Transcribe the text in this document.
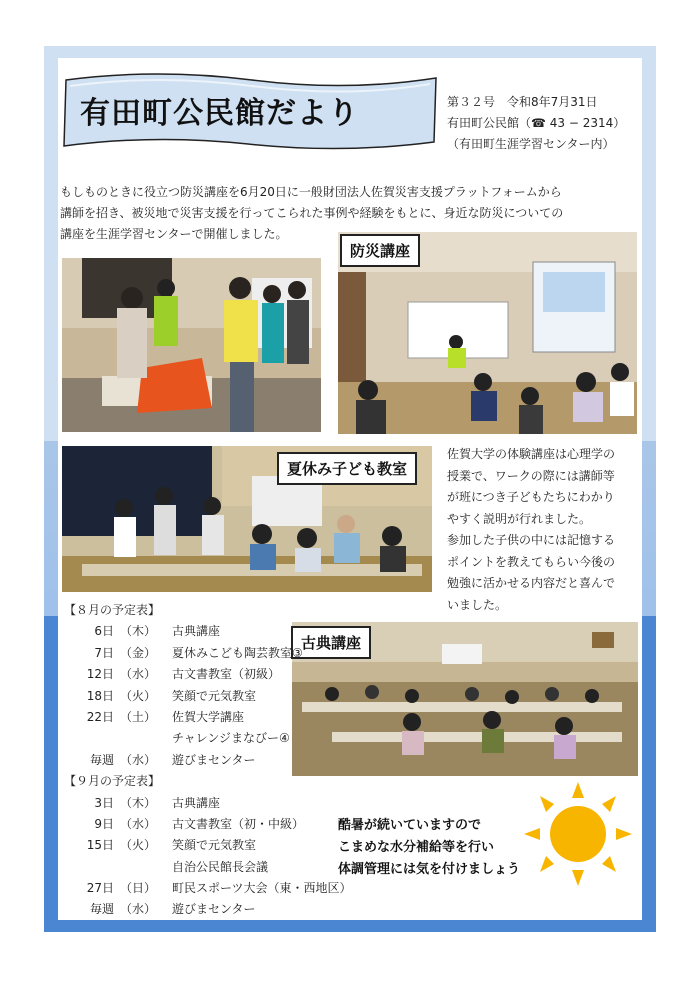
有田町公民館だより	第３２号　令和8年7月31日
有田町公民館（☎ 43 − 2314）
（有田町生涯学習センター内）
もしものときに役立つ防災講座を6月20日に一般財団法人佐賀災害支援プラットフォームから
講師を招き、被災地で災害支援を行ってこられた事例や経験をもとに、身近な防災についての
講座を生涯学習センターで開催しました。
防災講座
夏休み子ども教室
佐賀大学の体験講座は心理学の
授業で、ワークの際には講師等
が班につき子どもたちにわかり
やすく説明が行れました。
参加した子供の中には記憶する
ポイントを教えてもらい今後の
勉強に活かせる内容だと喜んで
いました。
古典講座
【８月の予定表】
6日 （木） 古典講座
7日 （金） 夏休みこども陶芸教室③
12日 （水） 古文書教室（初級）
18日 （火） 笑顔で元気教室
22日 （土） 佐賀大学講座
チャレンジまなびー④
毎週 （水） 遊びまセンター
【９月の予定表】
3日 （木） 古典講座
9日 （水） 古文書教室（初・中級）
15日 （火） 笑顔で元気教室
自治公民館長会議
27日 （日） 町民スポーツ大会（東・西地区）
毎週 （水） 遊びまセンター
酷暑が続いていますので
こまめな水分補給等を行い
体調管理には気を付けましょう
